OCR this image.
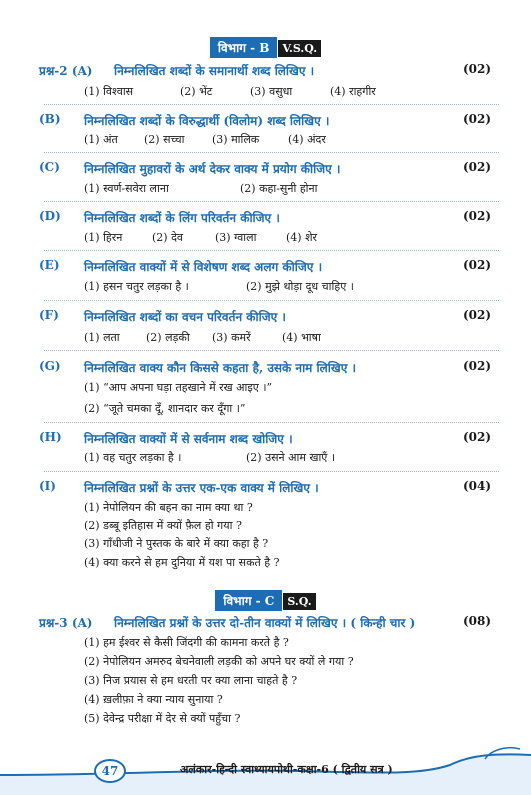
विभाग - B V.S.Q.
प्रश्न-2 (A) निम्नलिखित शब्दों के समानार्थी शब्द लिखिए ।	(02)
(1) विश्वास	(2) भेंट	(3) वसुधा	(4) राहगीर
(B) निम्नलिखित शब्दों के विरुद्धार्थी (विलोम) शब्द लिखिए ।	(02)
(1) अंत (2) सच्चा	(3) मालिक	(4) अंदर
(C) निम्नलिखित मुहावरों के अर्थ देकर वाक्य में प्रयोग कीजिए ।	(02)
(1) स्वर्ण-सवेरा लाना	(2) कहा-सुनी होना
(D) निम्नलिखित शब्दों के लिंग परिवर्तन कीजिए ।	(02)
(1) हिरन	(2) देव	(3) ग्वाला	(4) शेर
(E) निम्नलिखित वाक्यों में से विशेषण शब्द अलग कीजिए ।	(02)
(1) हसन चतुर लड़का है ।	(2) मुझे थोड़ा दूध चाहिए ।
(F) निम्नलिखित शब्दों का वचन परिवर्तन कीजिए ।	(02)
(1) लता (2) लड़की (3) कमरें	(4) भाषा
(G) निम्नलिखित वाक्य कौन किससे कहता है, उसके नाम लिखिए ।	(02)
(1) “आप अपना घड़ा तहखाने में रख आइए ।”
(2) “जूते चमका दूँ, शानदार कर दूँगा ।”
(H) निम्नलिखित वाक्यों में से सर्वनाम शब्द खोजिए ।	(02)
(1) वह चतुर लड़का है ।	(2) उसने आम खाएँ ।
(I) निम्नलिखित प्रश्नों के उत्तर एक-एक वाक्य में लिखिए ।	(04)
(1) नेपोलियन की बहन का नाम क्या था ?
(2) डब्बू इतिहास में क्यों फ़ैल हो गया ?
(3) गाँधीजी ने पुस्तक के बारे में क्या कहा है ?
(4) क्या करने से हम दुनिया में यश पा सकते है ?
विभाग - C S.Q.
प्रश्न-3 (A) निम्नलिखित प्रश्नों के उत्तर दो-तीन वाक्यों में लिखिए । ( किन्ही चार )	(08)
(1) हम ईश्वर से कैसी जिंदगी की कामना करते है ?
(2) नेपोलियन अमरुद बेचनेवाली लड़की को अपने घर क्यों ले गया ?
(3) निज प्रयास से हम धरती पर क्या लाना चाहते है ?
(4) ख़लीफ़ा ने क्या न्याय सुनाया ?
(5) देवेन्द्र परीक्षा में देर से क्यों पहुँचा ?
47	अलंकार-हिन्दी स्वाध्यायपोथी-कक्षा-6 ( द्वितीय सत्र )
